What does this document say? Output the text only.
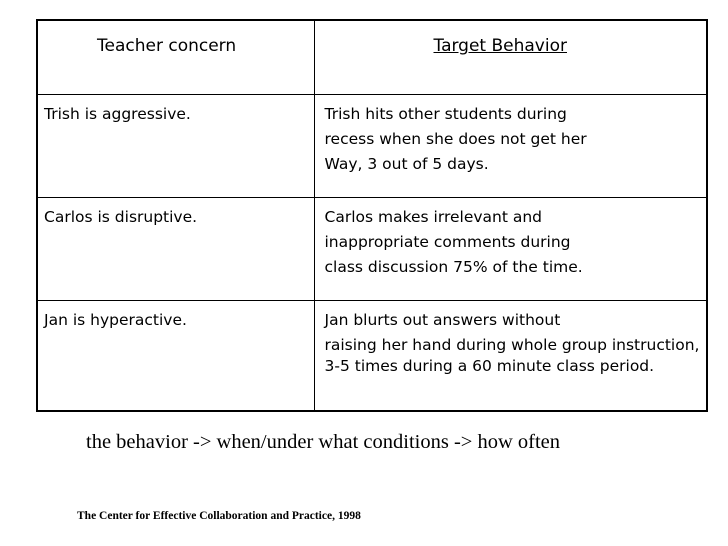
Teacher concern	Target Behavior

Trish is aggressive.	Trish hits other students during
recess when she does not get her
Way, 3 out of 5 days.

Carlos is disruptive.	Carlos makes irrelevant and
inappropriate comments during
class discussion 75% of the time.

Jan is hyperactive.	Jan blurts out answers without
raising her hand during whole group instruction, 3-5 times during a 60 minute class period.
the behavior -> when/under what conditions -> how often
The Center for Effective Collaboration and Practice, 1998
